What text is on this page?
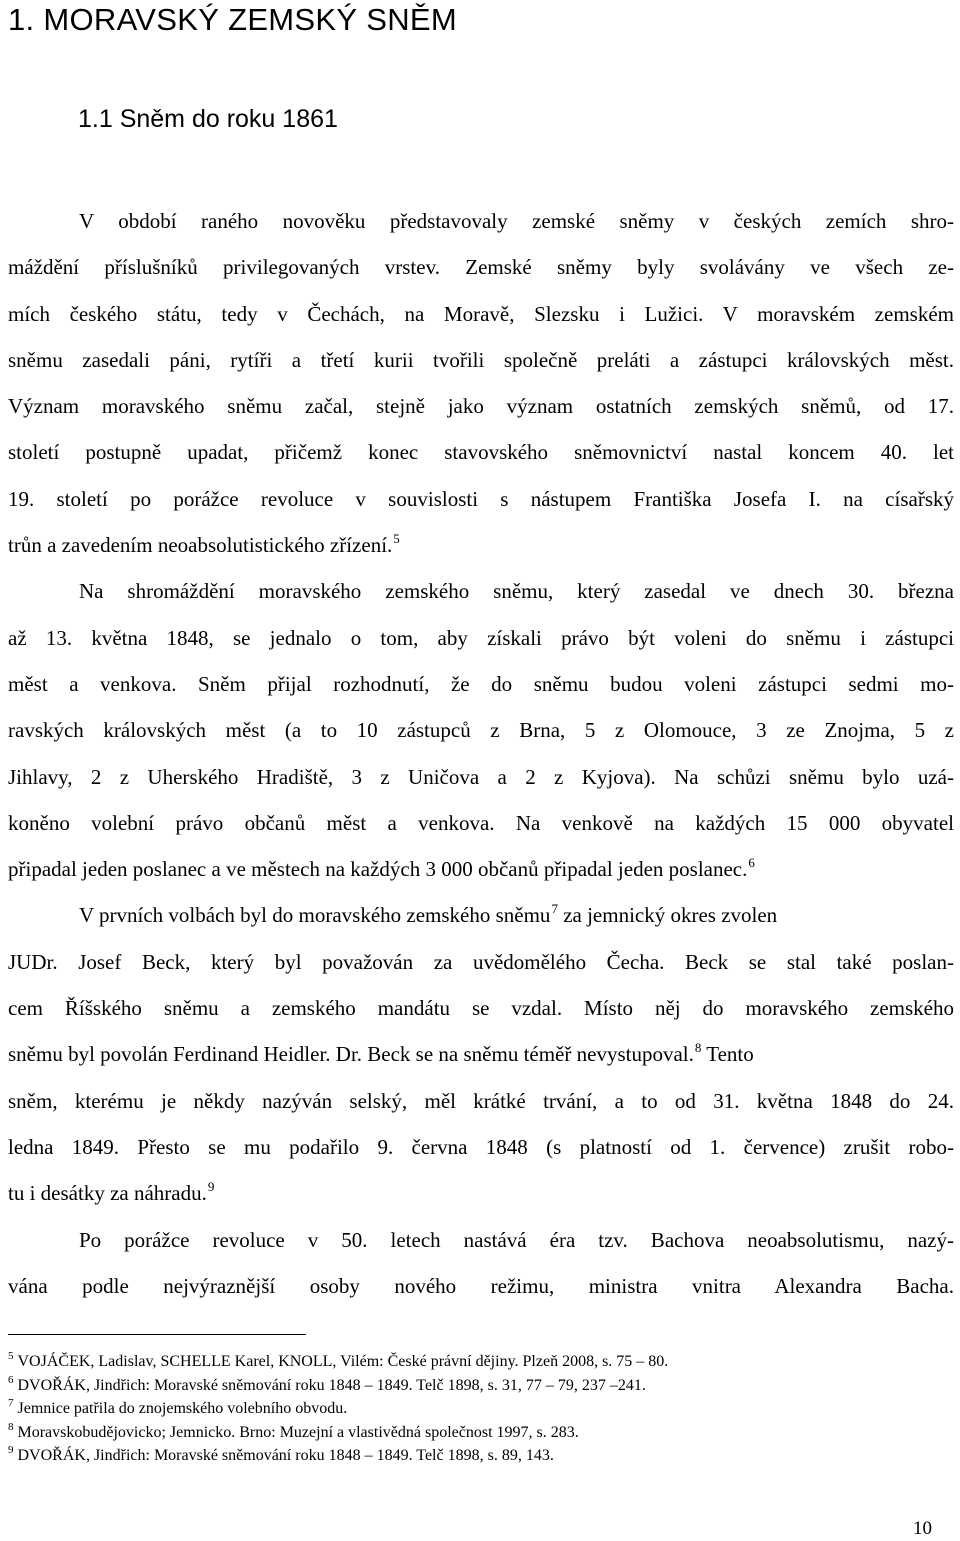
1. MORAVSKÝ ZEMSKÝ SNĚM
1.1 Sněm do roku 1861
V období raného novověku představovaly zemské sněmy v českých zemích shro-
máždění příslušníků privilegovaných vrstev. Zemské sněmy byly svolávány ve všech ze-
mích českého státu, tedy v Čechách, na Moravě, Slezsku i Lužici. V moravském zemském
sněmu zasedali páni, rytíři a třetí kurii tvořili společně preláti a zástupci královských měst.
Význam moravského sněmu začal, stejně jako význam ostatních zemských sněmů, od 17.
století postupně upadat, přičemž konec stavovského sněmovnictví nastal koncem 40. let
19. století po porážce revoluce v souvislosti s nástupem Františka Josefa I. na císařský
trůn a zavedením neoabsolutistického zřízení.$^5$
Na shromáždění moravského zemského sněmu, který zasedal ve dnech 30. března
až 13. května 1848, se jednalo o tom, aby získali právo být voleni do sněmu i zástupci
měst a venkova. Sněm přijal rozhodnutí, že do sněmu budou voleni zástupci sedmi mo-
ravských královských měst (a to 10 zástupců z Brna, 5 z Olomouce, 3 ze Znojma, 5 z
Jihlavy, 2 z Uherského Hradiště, 3 z Uničova a 2 z Kyjova). Na schůzi sněmu bylo uzá-
koněno volební právo občanů měst a venkova. Na venkově na každých 15 000 obyvatel
připadal jeden poslanec a ve městech na každých 3 000 občanů připadal jeden poslanec.$^6$
V prvních volbách byl do moravského zemského sněmu$^7$ za jemnický okres zvolen
JUDr. Josef Beck, který byl považován za uvědomělého Čecha. Beck se stal také poslan-
cem Říšského sněmu a zemského mandátu se vzdal. Místo něj do moravského zemského
sněmu byl povolán Ferdinand Heidler. Dr. Beck se na sněmu téměř nevystupoval.$^8$ Tento
sněm, kterému je někdy nazýván selský, měl krátké trvání, a to od 31. května 1848 do 24.
ledna 1849. Přesto se mu podařilo 9. června 1848 (s platností od 1. července) zrušit robo-
tu i desátky za náhradu.$^9$
Po porážce revoluce v 50. letech nastává éra tzv. Bachova neoabsolutismu, nazý-
vána podle nejvýraznější osoby nového režimu, ministra vnitra Alexandra Bacha.
$^5$ VOJÁČEK, Ladislav, SCHELLE Karel, KNOLL, Vilém: České právní dějiny. Plzeň 2008, s. 75 – 80.
$^6$ DVOŘÁK, Jindřich: Moravské sněmování roku 1848 – 1849. Telč 1898, s. 31, 77 – 79, 237 –241.
$^7$ Jemnice patřila do znojemského volebního obvodu.
$^8$ Moravskobudějovicko; Jemnicko. Brno: Muzejní a vlastivědná společnost 1997, s. 283.
$^9$ DVOŘÁK, Jindřich: Moravské sněmování roku 1848 – 1849. Telč 1898, s. 89, 143.
10
